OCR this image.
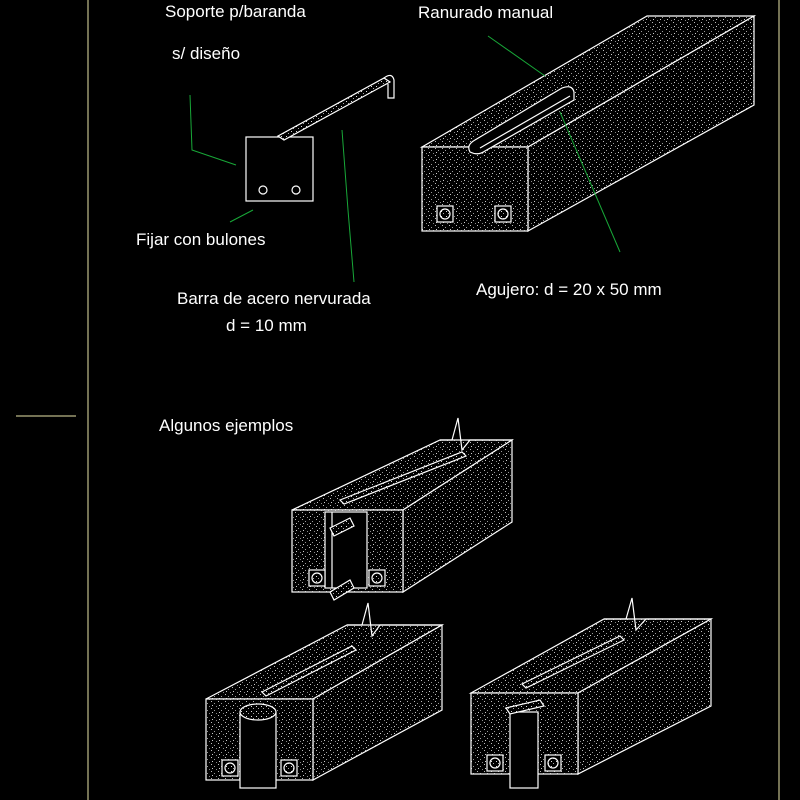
Soporte p/baranda
s/ diseño
Ranurado manual
Fijar con bulones
Barra de acero nervurada
d = 10 mm
Agujero: d = 20 x 50 mm
Algunos ejemplos
